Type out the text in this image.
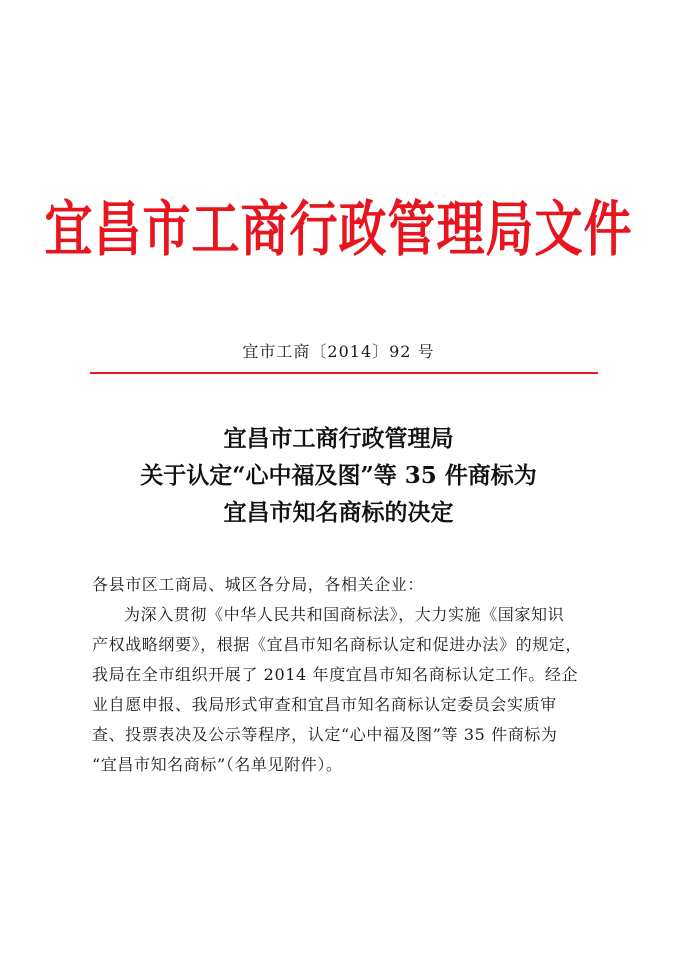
宜昌市工商行政管理局文件
宜市工商〔2014〕92 号
宜昌市工商行政管理局
关于认定“心中福及图”等 35 件商标为
宜昌市知名商标的决定
各县市区工商局、城区各分局，各相关企业：
为深入贯彻《中华人民共和国商标法》，大力实施《国家知识
产权战略纲要》，根据《宜昌市知名商标认定和促进办法》的规定，
我局在全市组织开展了 2014 年度宜昌市知名商标认定工作。经企
业自愿申报、我局形式审查和宜昌市知名商标认定委员会实质审
查、投票表决及公示等程序，认定“心中福及图”等 35 件商标为
“宜昌市知名商标”（名单见附件）。
